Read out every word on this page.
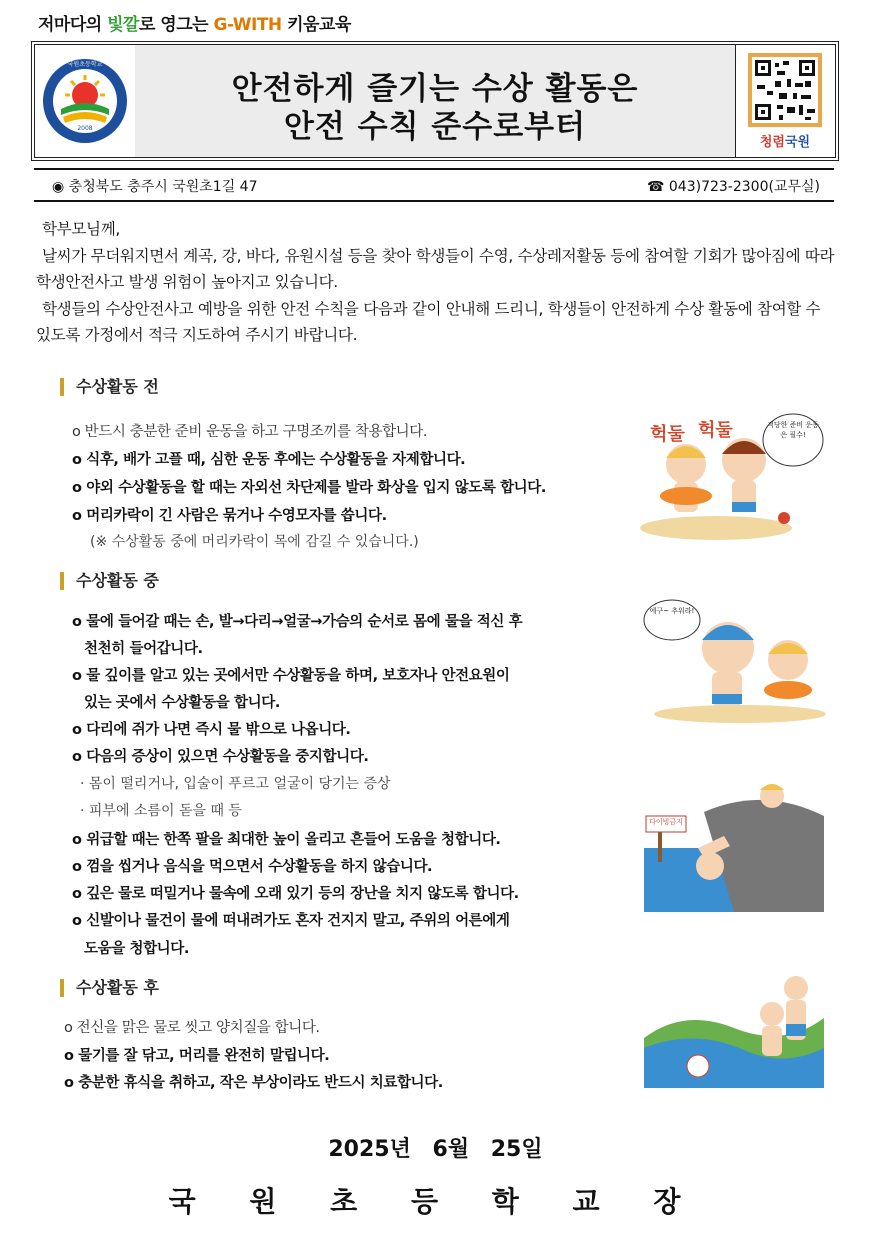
저마다의 빛깔로 영그는 G-WITH 키움교육
2008
국원초등학교
안전하게 즐기는 수상 활동은
안전 수칙 준수로부터	청렴국원
◉ 충청북도 충주시 국원초1길 47	☎ 043)723-2300(교무실)

학부모님께,

날씨가 무더워지면서 계곡, 강, 바다, 유원시설 등을 찾아 학생들이 수영, 수상레저활동 등에 참여할 기회가 많아짐에 따라 학생안전사고 발생 위험이 높아지고 있습니다.

학생들의 수상안전사고 예방을 위한 안전 수칙을 다음과 같이 안내해 드리니, 학생들이 안전하게 수상 활동에 참여할 수 있도록 가정에서 적극 지도하여 주시기 바랍니다.

수상활동 전
o 반드시 충분한 준비 운동을 하고 구명조끼를 착용합니다.
o 식후, 배가 고플 때, 심한 운동 후에는 수상활동을 자제합니다.
o 야외 수상활동을 할 때는 자외선 차단제를 발라 화상을 입지 않도록 합니다.
o 머리카락이 긴 사람은 묶거나 수영모자를 씁니다.
(※ 수상활동 중에 머리카락이 목에 감길 수 있습니다.)
헉둘 헉둘	적당한 준비 운동은 필수!
수상활동 중
o 물에 들어갈 때는 손, 발→다리→얼굴→가슴의 순서로 몸에 물을 적신 후
천천히 들어갑니다.
o 물 깊이를 알고 있는 곳에서만 수상활동을 하며, 보호자나 안전요원이
있는 곳에서 수상활동을 합니다.
o 다리에 쥐가 나면 즉시 물 밖으로 나옵니다.
o 다음의 증상이 있으면 수상활동을 중지합니다.
· 몸이 떨리거나, 입술이 푸르고 얼굴이 당기는 증상
· 피부에 소름이 돋을 때 등
o 위급할 때는 한쪽 팔을 최대한 높이 올리고 흔들어 도움을 청합니다.
o 껌을 씹거나 음식을 먹으면서 수상활동을 하지 않습니다.
o 깊은 물로 떠밀거나 물속에 오래 있기 등의 장난을 치지 않도록 합니다.
o 신발이나 물건이 물에 떠내려가도 혼자 건지지 말고, 주위의 어른에게
도움을 청합니다.
에구~ 추워라!
다이빙금지
수상활동 후
o 전신을 맑은 물로 씻고 양치질을 합니다.
o 물기를 잘 닦고, 머리를 완전히 말립니다.
o 충분한 휴식을 취하고, 작은 부상이라도 반드시 치료합니다.
2025년 6월 25일
국 원 초 등 학 교 장
